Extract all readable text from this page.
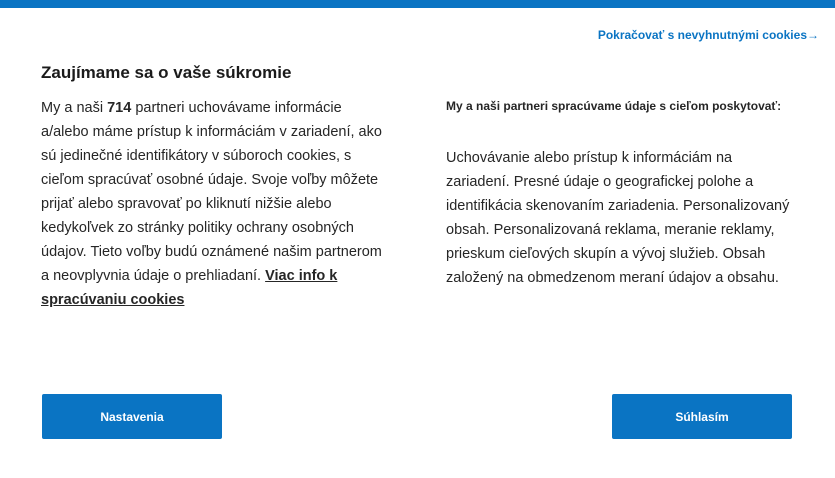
Pokračovať s nevyhnutnými cookies→
Zaujímame sa o vaše súkromie
My a naši 714 partneri uchovávame informácie a/alebo máme prístup k informáciám v zariadení, ako sú jedinečné identifikátory v súboroch cookies, s cieľom spracúvať osobné údaje. Svoje voľby môžete prijať alebo spravovať po kliknutí nižšie alebo kedykoľvek zo stránky politiky ochrany osobných údajov. Tieto voľby budú oznámené našim partnerom a neovplyvnia údaje o prehliadaní. Viac info k spracúvaniu cookies
My a naši partneri spracúvame údaje s cieľom poskytovať:
Uchovávanie alebo prístup k informáciám na zariadení. Presné údaje o geografickej polohe a identifikácia skenovaním zariadenia. Personalizovaný obsah. Personalizovaná reklama, meranie reklamy, prieskum cieľových skupín a vývoj služieb. Obsah založený na obmedzenom meraní údajov a obsahu.
Nastavenia	Súhlasím
